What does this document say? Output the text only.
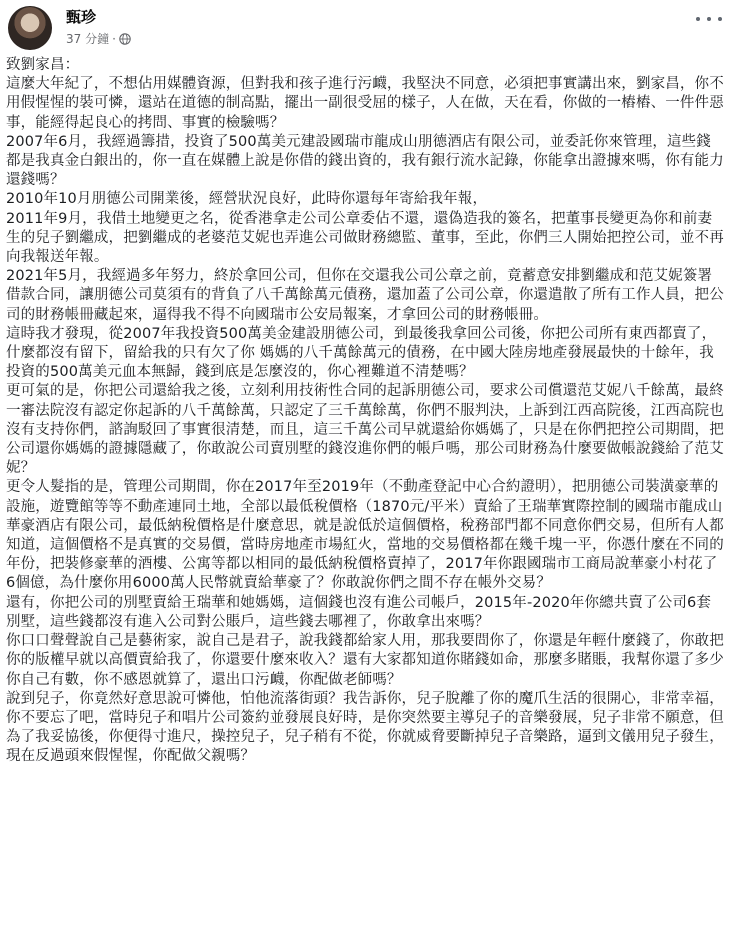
甄珍
37 分鐘 ·

致劉家昌：

這麼大年紀了，不想佔用媒體資源，但對我和孩子進行污衊，我堅決不同意，必須把事實講出來，劉家昌，你不用假惺惺的裝可憐，還站在道德的制高點，擺出一副很受屈的樣子，人在做，天在看，你做的一樁樁、一件件惡事，能經得起良心的拷問、事實的檢驗嗎？

2007年6月，我經過籌措，投資了500萬美元建設國瑞市龍成山朋德酒店有限公司，並委託你來管理，這些錢都是我真金白銀出的，你一直在媒體上說是你借的錢出資的，我有銀行流水記錄，你能拿出證據來嗎，你有能力還錢嗎？

2010年10月朋德公司開業後，經營狀況良好，此時你還每年寄給我年報，

2011年9月，我借土地變更之名，從香港拿走公司公章委佔不還，還偽造我的簽名，把董事長變更為你和前妻生的兒子劉繼成，把劉繼成的老婆范艾妮也弄進公司做財務總監、董事，至此，你們三人開始把控公司，並不再向我報送年報。

2021年5月，我經過多年努力，終於拿回公司，但你在交還我公司公章之前，竟蓄意安排劉繼成和范艾妮簽署借款合同，讓朋德公司莫須有的背負了八千萬餘萬元債務，還加蓋了公司公章，你還遣散了所有工作人員，把公司的財務帳冊藏起來，逼得我不得不向國瑞市公安局報案，才拿回公司的財務帳冊。

這時我才發現，從2007年我投資500萬美金建設朋德公司，到最後我拿回公司後，你把公司所有東西都賣了，什麼都沒有留下，留給我的只有欠了你 媽媽的八千萬餘萬元的債務，在中國大陸房地產發展最快的十餘年，我投資的500萬美元血本無歸，錢到底是怎麼沒的，你心裡難道不清楚嗎？

更可氣的是，你把公司還給我之後，立刻利用技術性合同的起訴朋德公司，要求公司償還范艾妮八千餘萬，最終一審法院沒有認定你起訴的八千萬餘萬，只認定了三千萬餘萬，你們不服判決，上訴到江西高院後，江西高院也沒有支持你們，諮詢駁回了事實很清楚，而且，這三千萬公司早就還給你媽媽了，只是在你們把控公司期間，把公司還你媽媽的證據隱藏了，你敢說公司賣別墅的錢沒進你們的帳戶嗎，那公司財務為什麼要做帳說錢給了范艾妮？

更令人髮指的是，管理公司期間，你在2017年至2019年（不動產登記中心合約證明），把朋德公司裝潢豪華的設施，遊覽館等等不動產連同土地，全部以最低稅價格（1870元/平米）賣給了王瑞華實際控制的國瑞市龍成山華豪酒店有限公司，最低納稅價格是什麼意思，就是說低於這個價格，稅務部門都不同意你們交易，但所有人都知道，這個價格不是真實的交易價，當時房地產市場紅火，當地的交易價格都在幾千塊一平，你憑什麼在不同的年份，把裝修豪華的酒樓、公寓等都以相同的最低納稅價格賣掉了，2017年你跟國瑞市工商局說華豪小村花了6個億，為什麼你用6000萬人民幣就賣給華豪了？你敢說你們之間不存在帳外交易？

還有，你把公司的別墅賣給王瑞華和她媽媽，這個錢也沒有進公司帳戶，2015年-2020年你總共賣了公司6套別墅，這些錢都沒有進入公司對公賬戶，這些錢去哪裡了，你敢拿出來嗎？

你口口聲聲說自己是藝術家，說自己是君子，說我錢都給家人用，那我要問你了，你還是年輕什麼錢了，你敢把你的版權早就以高價賣給我了，你還要什麼來收入？還有大家都知道你賭錢如命，那麼多賭賬，我幫你還了多少你自己有數，你不感恩就算了，還出口污衊，你配做老師嗎？

說到兒子，你竟然好意思說可憐他，怕他流落街頭？我告訴你，兒子脫離了你的魔爪生活的很開心，非常幸福，你不要忘了吧，當時兒子和唱片公司簽約並發展良好時，是你突然要主導兒子的音樂發展，兒子非常不願意，但為了我妥協後，你便得寸進尺，操控兒子，兒子稍有不從，你就威脅要斷掉兒子音樂路，逼到文儀用兒子發生，現在反過頭來假惺惺，你配做父親嗎？
